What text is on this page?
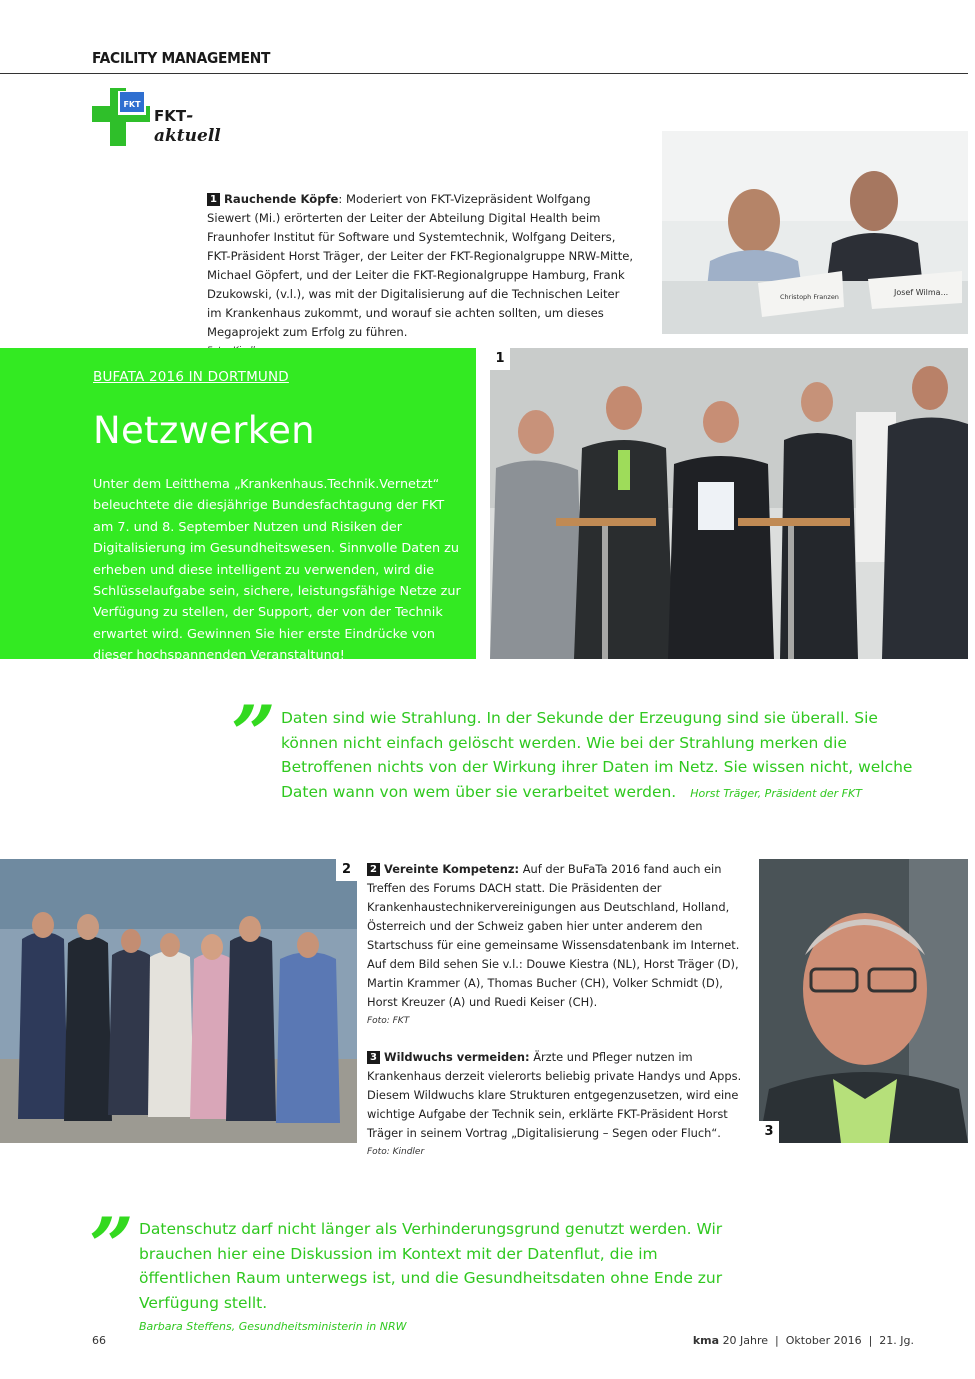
FACILITY MANAGEMENT
FKT
FKT-aktuell
1 Rauchende Köpfe: Moderiert von FKT-Vizepräsident Wolfgang Siewert (Mi.) erörterten der Leiter der Abteilung Digital Health beim Fraunhofer Institut für Software und Systemtechnik, Wolfgang Deiters, FKT-Präsident Horst Träger, der Leiter der FKT-Regionalgruppe NRW-Mitte, Michael Göpfert, und der Leiter die FKT-Regionalgruppe Hamburg, Frank Dzukowski, (v.l.), was mit der Digitalisierung auf die Technischen Leiter im Krankenhaus zukommt, und worauf sie achten sollten, um dieses Megaprojekt zum Erfolg zu führen.
Christoph Franzen	Josef Wilma...
BUFATA 2016 IN DORTMUND
Netzwerken
Unter dem Leitthema „Krankenhaus.Technik.Vernetzt“ beleuchtete die diesjährige Bundesfachtagung der FKT am 7. und 8. September Nutzen und Risiken der Digitalisierung im Gesundheitswesen. Sinnvolle Daten zu erheben und diese intelligent zu verwenden, wird die Schlüsselaufgabe sein, sichere, leistungsfähige Netze zur Verfügung zu stellen, der Support, der von der Technik erwartet wird. Gewinnen Sie hier erste Eindrücke von dieser hochspannenden Veranstaltung!
1
” Daten sind wie Strahlung. In der Sekunde der Erzeugung sind sie überall. Sie können nicht einfach gelöscht werden. Wie bei der Strahlung merken die Betroffenen nichts von der Wirkung ihrer Daten im Netz. Sie wissen nicht, welche Daten wann von wem über sie verarbeitet werden. Horst Träger, Präsident der FKT
2	2 Vereinte Kompetenz: Auf der BuFaTa 2016 fand auch ein Treffen des Forums DACH statt. Die Präsidenten der Krankenhaustechnikervereinigungen aus Deutschland, Holland, Österreich und der Schweiz gaben hier unter anderem den Startschuss für eine gemeinsame Wissensdatenbank im Internet. Auf dem Bild sehen Sie v.l.: Douwe Kiestra (NL), Horst Träger (D), Martin Krammer (A), Thomas Bucher (CH), Volker Schmidt (D), Horst Kreuzer (A) und Ruedi Keiser (CH).
Foto: FKT
3 Wildwuchs vermeiden: Ärzte und Pfleger nutzen im Krankenhaus derzeit vielerorts beliebig private Handys und Apps. Diesem Wildwuchs klare Strukturen entgegenzusetzen, wird eine wichtige Aufgabe der Technik sein, erklärte FKT-Präsident Horst Träger in seinem Vortrag „Digitalisierung – Segen oder Fluch“.
Foto: Kindler
3
” Datenschutz darf nicht länger als Verhinderungsgrund genutzt werden. Wir brauchen hier eine Diskussion im Kontext mit der Datenflut, die im öffentlichen Raum unterwegs ist, und die Gesundheitsdaten ohne Ende zur Verfügung stellt.
Barbara Steffens, Gesundheitsministerin in NRW
66	kma 20 Jahre  |  Oktober 2016  |  21. Jg.
